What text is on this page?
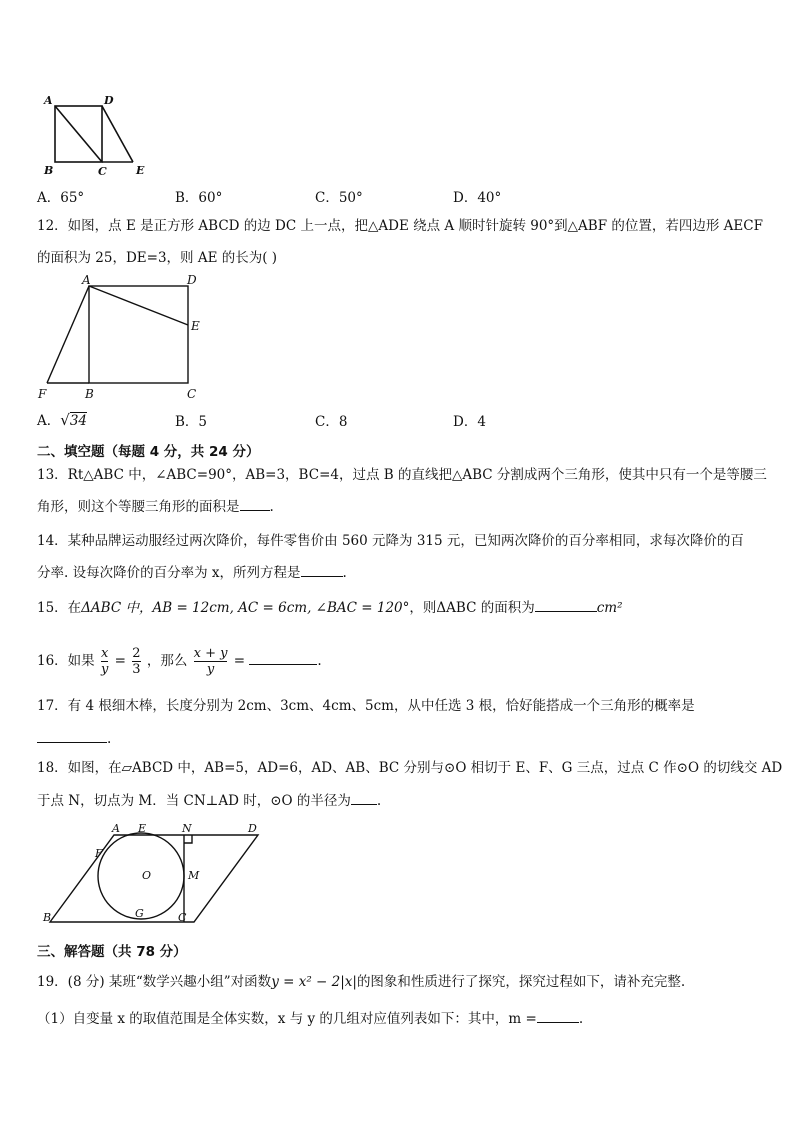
A	D
B	C	E
A．65°	B．60°	C．50°	D．40°
12．如图，点 E 是正方形 ABCD 的边 DC 上一点，把△ADE 绕点 A 顺时针旋转 90°到△ABF 的位置，若四边形 AECF
的面积为 25，DE=3，则 AE 的长为( )
A	D
E
F	B	C
A．√34	B．5	C．8	D．4
二、填空题（每题 4 分，共 24 分）
13．Rt△ABC 中，∠ABC=90°，AB=3，BC=4，过点 B 的直线把△ABC 分割成两个三角形，使其中只有一个是等腰三
角形，则这个等腰三角形的面积是 .
14．某种品牌运动服经过两次降价，每件零售价由 560 元降为 315 元，已知两次降价的百分率相同，求每次降价的百
分率. 设每次降价的百分率为 x，所列方程是	.
15．在ΔABC 中，AB = 12cm, AC = 6cm, ∠BAC = 120°，则ΔABC 的面积为	cm²
16．如果 $\frac{x}{y} = \frac{2}{3}$ ，那么 $\frac{x + y}{y}$ =	.
17．有 4 根细木棒，长度分别为 2cm、3cm、4cm、5cm，从中任选 3 根，恰好能搭成一个三角形的概率是
.
18．如图，在▱ABCD 中，AB=5，AD=6，AD、AB、BC 分别与⊙O 相切于 E、F、G 三点，过点 C 作⊙O 的切线交 AD
于点 N，切点为 M．当 CN⊥AD 时，⊙O 的半径为 .
A E	N	D
F
O	M
B	G	C
三、解答题（共 78 分）
19．(8 分) 某班“数学兴趣小组”对函数y = x² − 2|x|的图象和性质进行了探究，探究过程如下，请补充完整.
（1）自变量 x 的取值范围是全体实数，x 与 y 的几组对应值列表如下：其中，m =	.
